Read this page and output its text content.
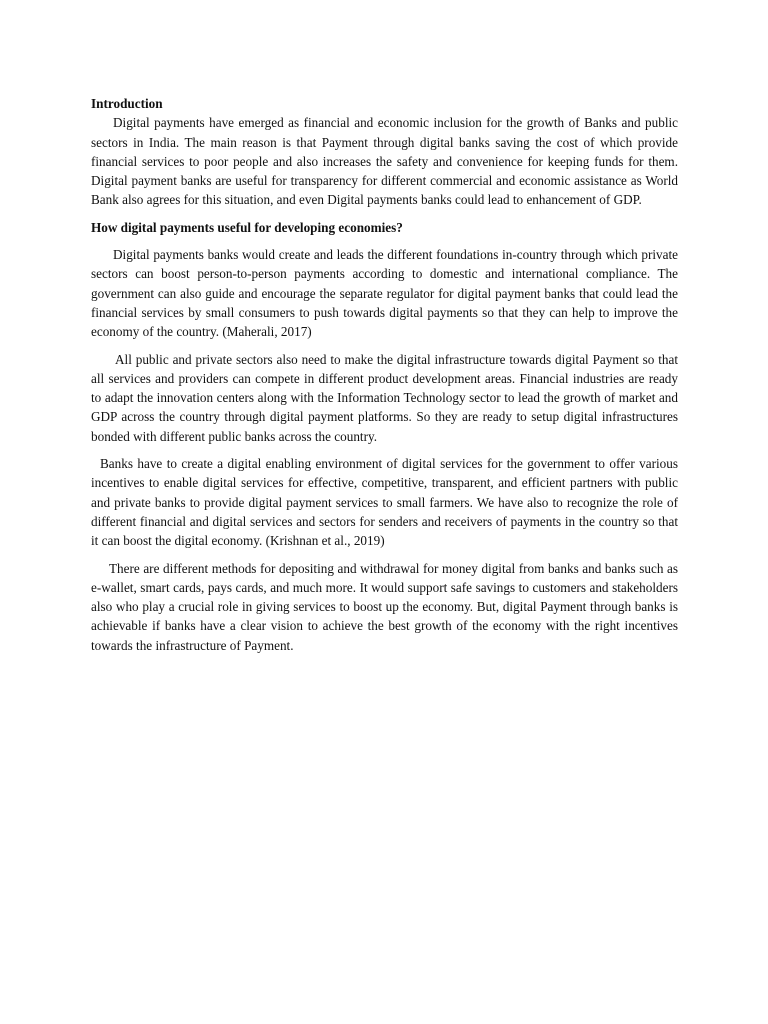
Introduction

Digital payments have emerged as financial and economic inclusion for the growth of Banks and public sectors in India. The main reason is that Payment through digital banks saving the cost of which provide financial services to poor people and also increases the safety and convenience for keeping funds for them. Digital payment banks are useful for transparency for different commercial and economic assistance as World Bank also agrees for this situation, and even Digital payments banks could lead to enhancement of GDP.

How digital payments useful for developing economies?

Digital payments banks would create and leads the different foundations in-country through which private sectors can boost person-to-person payments according to domestic and international compliance. The government can also guide and encourage the separate regulator for digital payment banks that could lead the financial services by small consumers to push towards digital payments so that they can help to improve the economy of the country. (Maherali, 2017)

All public and private sectors also need to make the digital infrastructure towards digital Payment so that all services and providers can compete in different product development areas. Financial industries are ready to adapt the innovation centers along with the Information Technology sector to lead the growth of market and GDP across the country through digital payment platforms. So they are ready to setup digital infrastructures bonded with different public banks across the country.

Banks have to create a digital enabling environment of digital services for the government to offer various incentives to enable digital services for effective, competitive, transparent, and efficient partners with public and private banks to provide digital payment services to small farmers. We have also to recognize the role of different financial and digital services and sectors for senders and receivers of payments in the country so that it can boost the digital economy. (Krishnan et al., 2019)

There are different methods for depositing and withdrawal for money digital from banks and banks such as e-wallet, smart cards, pays cards, and much more. It would support safe savings to customers and stakeholders also who play a crucial role in giving services to boost up the economy. But, digital Payment through banks is achievable if banks have a clear vision to achieve the best growth of the economy with the right incentives towards the infrastructure of Payment.
